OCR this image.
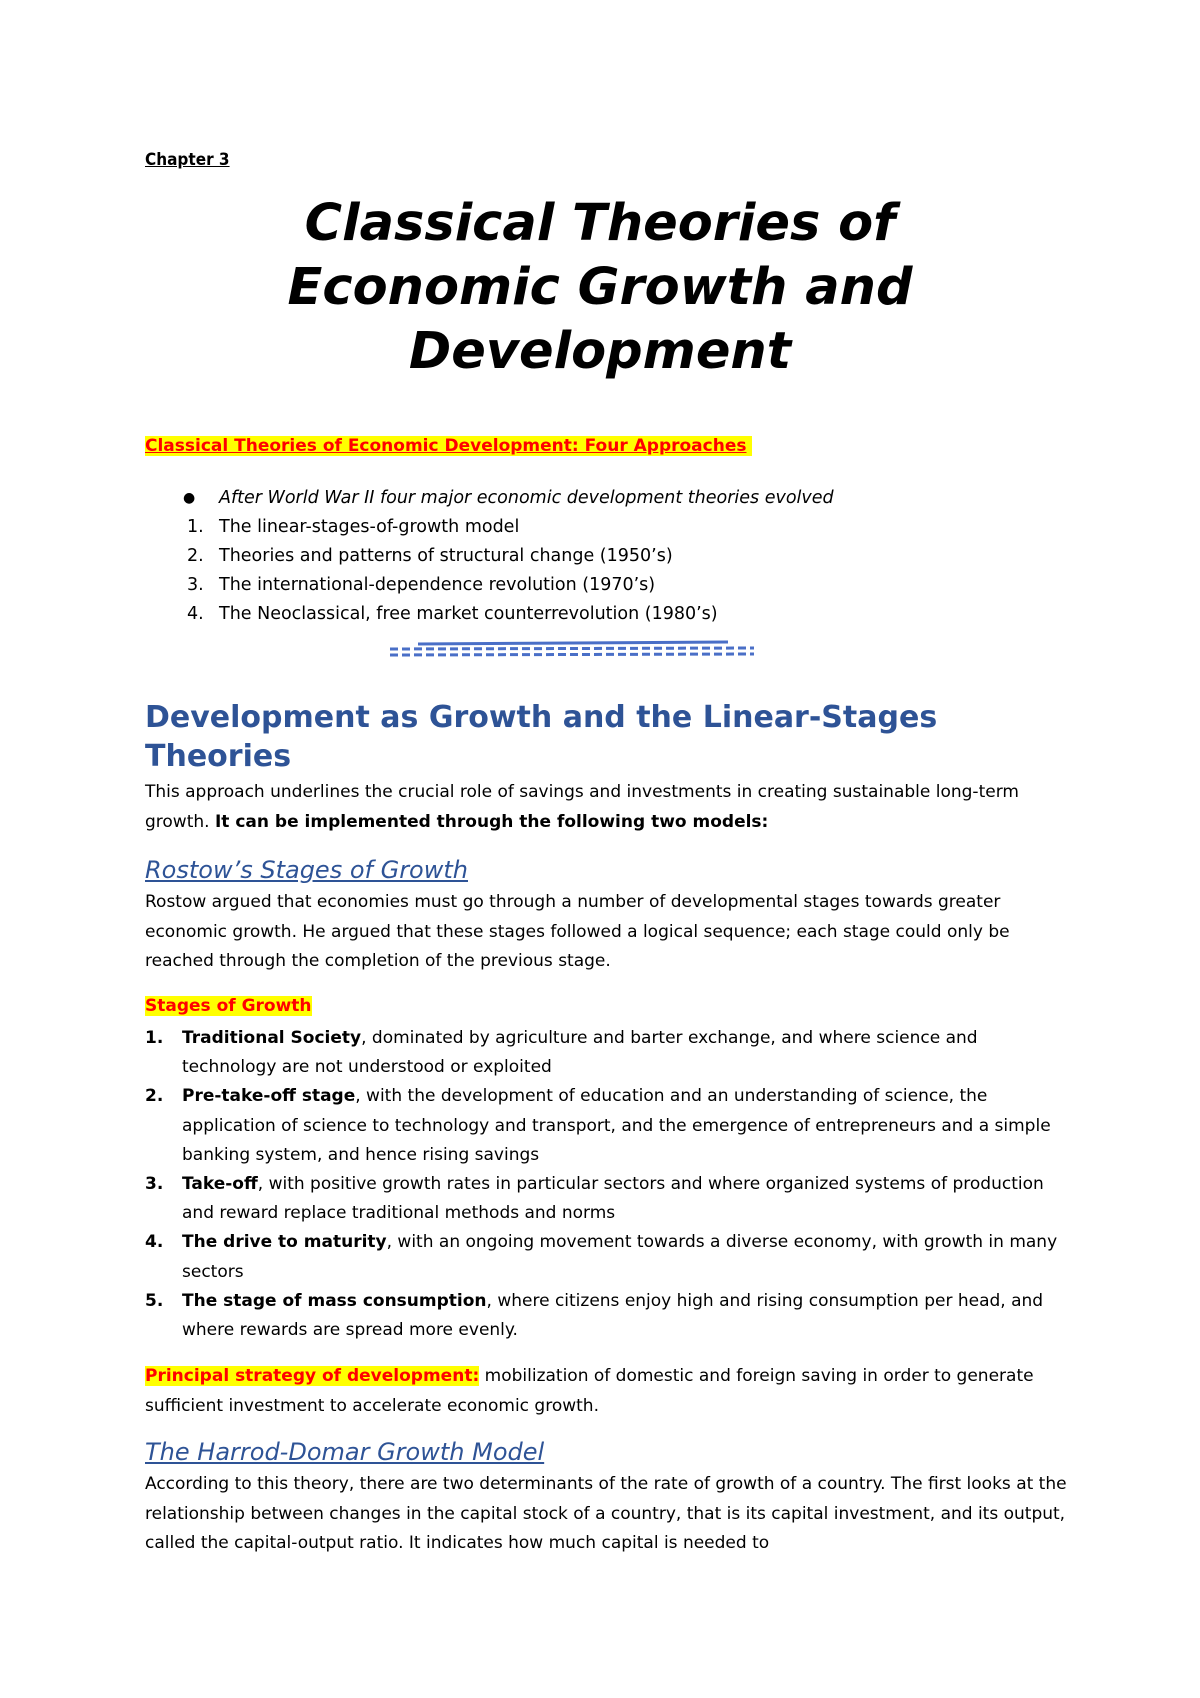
Chapter 3
Classical Theories of
Economic Growth and
Development
Classical Theories of Economic Development: Four Approaches
● After World War II four major economic development theories evolved
1. The linear-stages-of-growth model
2. Theories and patterns of structural change (1950’s)
3. The international-dependence revolution (1970’s)
4. The Neoclassical, free market counterrevolution (1980’s)
Development as Growth and the Linear-Stages Theories
This approach underlines the crucial role of savings and investments in creating sustainable long-term growth. It can be implemented through the following two models:
Rostow’s Stages of Growth
Rostow argued that economies must go through a number of developmental stages towards greater economic growth. He argued that these stages followed a logical sequence; each stage could only be reached through the completion of the previous stage.
Stages of Growth
1. Traditional Society, dominated by agriculture and barter exchange, and where science and technology are not understood or exploited
2. Pre-take-off stage, with the development of education and an understanding of science, the application of science to technology and transport, and the emergence of entrepreneurs and a simple banking system, and hence rising savings
3. Take-off, with positive growth rates in particular sectors and where organized systems of production and reward replace traditional methods and norms
4. The drive to maturity, with an ongoing movement towards a diverse economy, with growth in many sectors
5. The stage of mass consumption, where citizens enjoy high and rising consumption per head, and where rewards are spread more evenly.
Principal strategy of development: mobilization of domestic and foreign saving in order to generate sufficient investment to accelerate economic growth.
The Harrod-Domar Growth Model
According to this theory, there are two determinants of the rate of growth of a country. The first looks at the relationship between changes in the capital stock of a country, that is its capital investment, and its output, called the capital-output ratio. It indicates how much capital is needed to
